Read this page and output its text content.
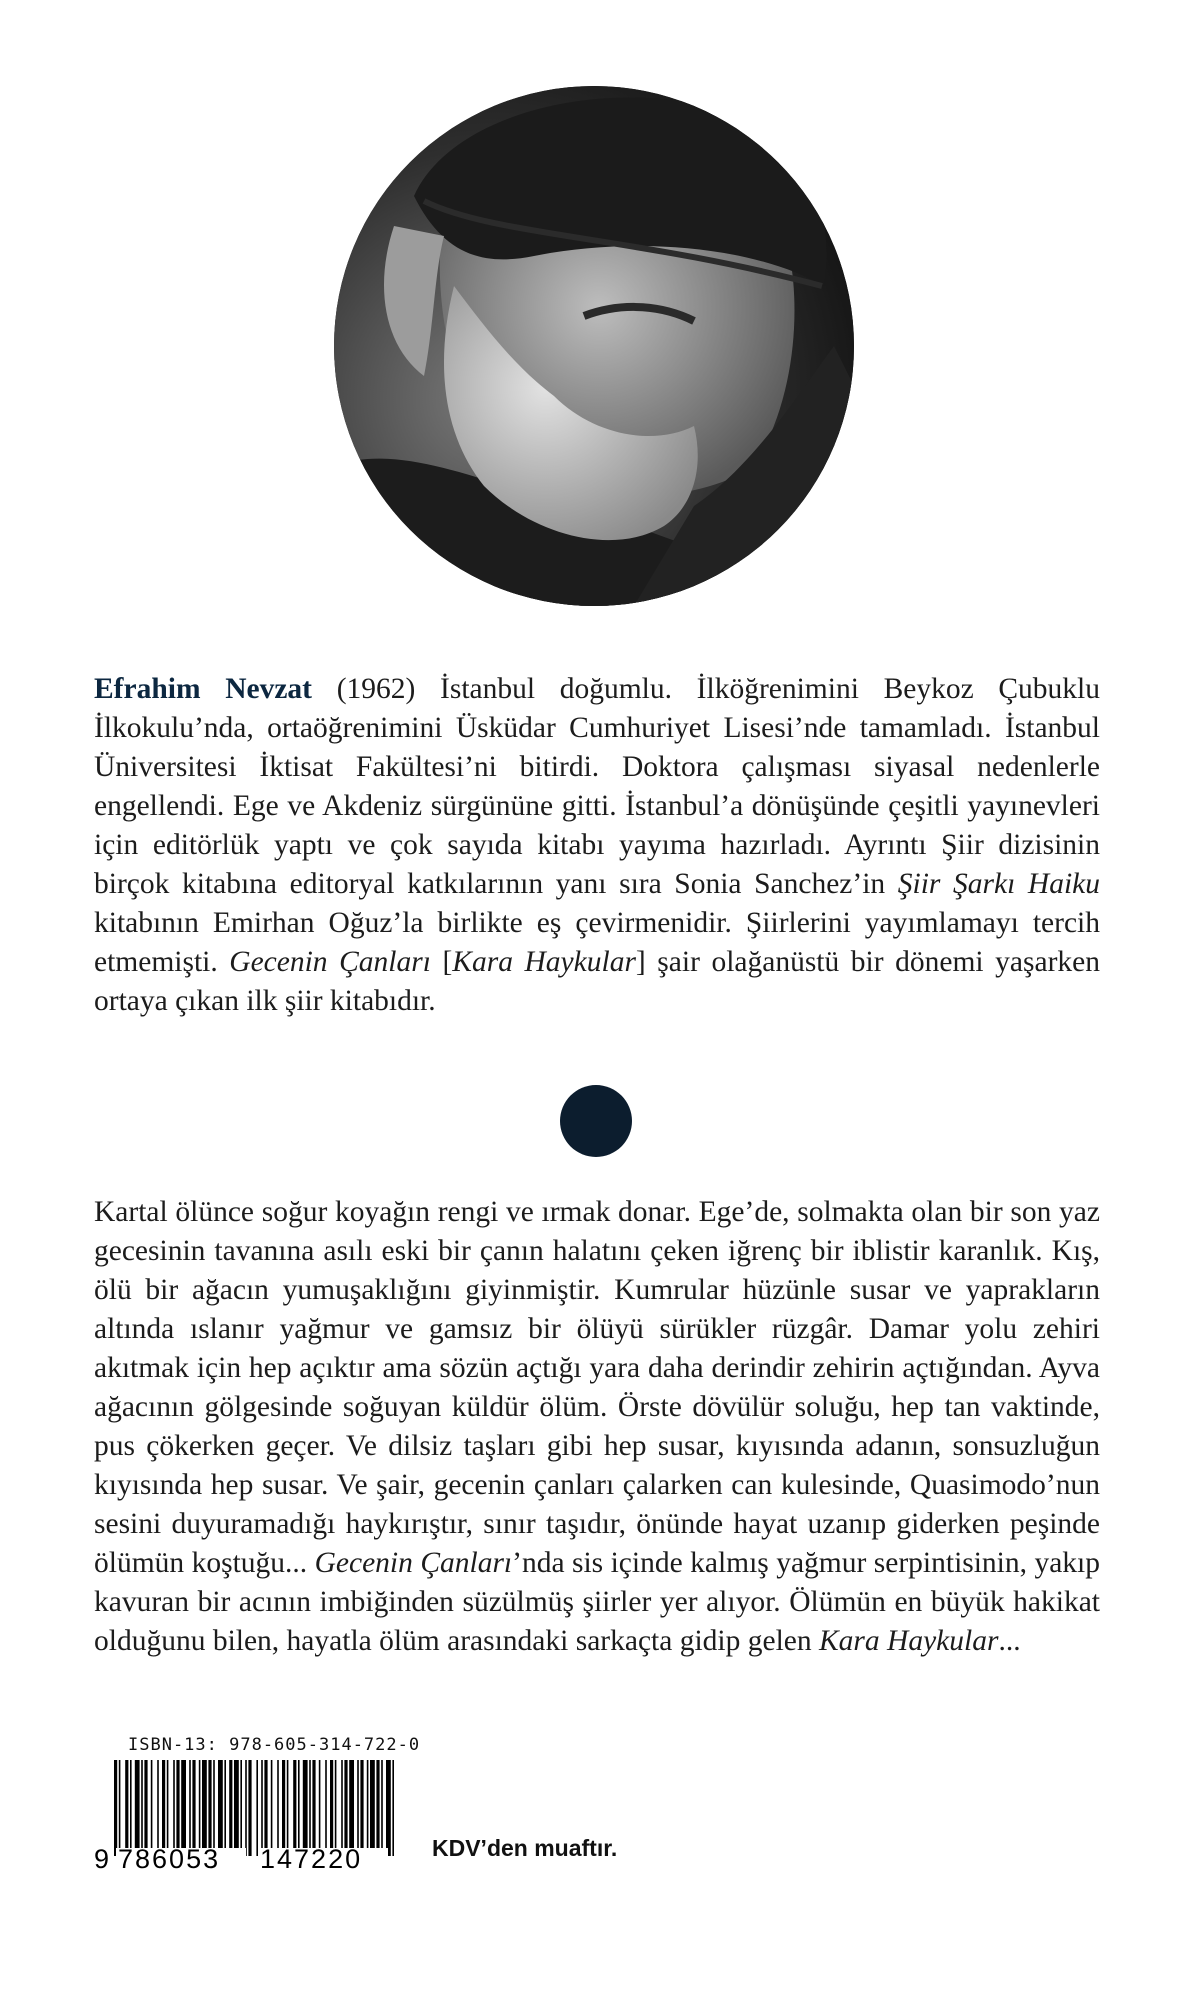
Efrahim Nevzat (1962) İstanbul doğumlu. İlköğrenimini Beykoz Çubuklu İlkokulu’nda, ortaöğrenimini Üsküdar Cumhuriyet Lisesi’nde tamamladı. İstanbul Üniversitesi İktisat Fakültesi’ni bitirdi. Doktora çalışması siyasal nedenlerle engellendi. Ege ve Akdeniz sürgününe gitti. İstanbul’a dönüşünde çeşitli yayınevleri için editörlük yaptı ve çok sayıda kitabı yayıma hazırladı. Ayrıntı Şiir dizisinin birçok kitabına editoryal katkılarının yanı sıra Sonia Sanchez’in Şiir Şarkı Haiku kitabının Emirhan Oğuz’la birlikte eş çevirmenidir. Şiirlerini yayımlamayı tercih etmemişti. Gecenin Çanları [Kara Haykular] şair olağanüstü bir dönemi yaşarken ortaya çıkan ilk şiir kitabıdır.

Kartal ölünce soğur koyağın rengi ve ırmak donar. Ege’de, solmakta olan bir son yaz gecesinin tavanına asılı eski bir çanın halatını çeken iğrenç bir iblistir karanlık. Kış, ölü bir ağacın yumuşaklığını giyinmiştir. Kumrular hüzünle susar ve yaprakların altında ıslanır yağmur ve gamsız bir ölüyü sürükler rüzgâr. Damar yolu zehiri akıtmak için hep açıktır ama sözün açtığı yara daha derindir zehirin açtığından. Ayva ağacının gölgesinde soğuyan küldür ölüm. Örste dövülür soluğu, hep tan vaktinde, pus çökerken geçer. Ve dilsiz taşları gibi hep susar, kıyısında adanın, sonsuzluğun kıyısında hep susar. Ve şair, gecenin çanları çalarken can kulesinde, Quasimodo’nun sesini duyuramadığı haykırıştır, sınır taşıdır, önünde hayat uzanıp giderken peşinde ölümün koştuğu... Gecenin Çanları’nda sis içinde kalmış yağmur serpintisinin, yakıp kavuran bir acının imbiğinden süzülmüş şiirler yer alıyor. Ölümün en büyük hakikat olduğunu bilen, hayatla ölüm arasındaki sarkaçta gidip gelen Kara Haykular...

ISBN-13: 978-605-314-722-0
9 786053 147220	KDV’den muaftır.
